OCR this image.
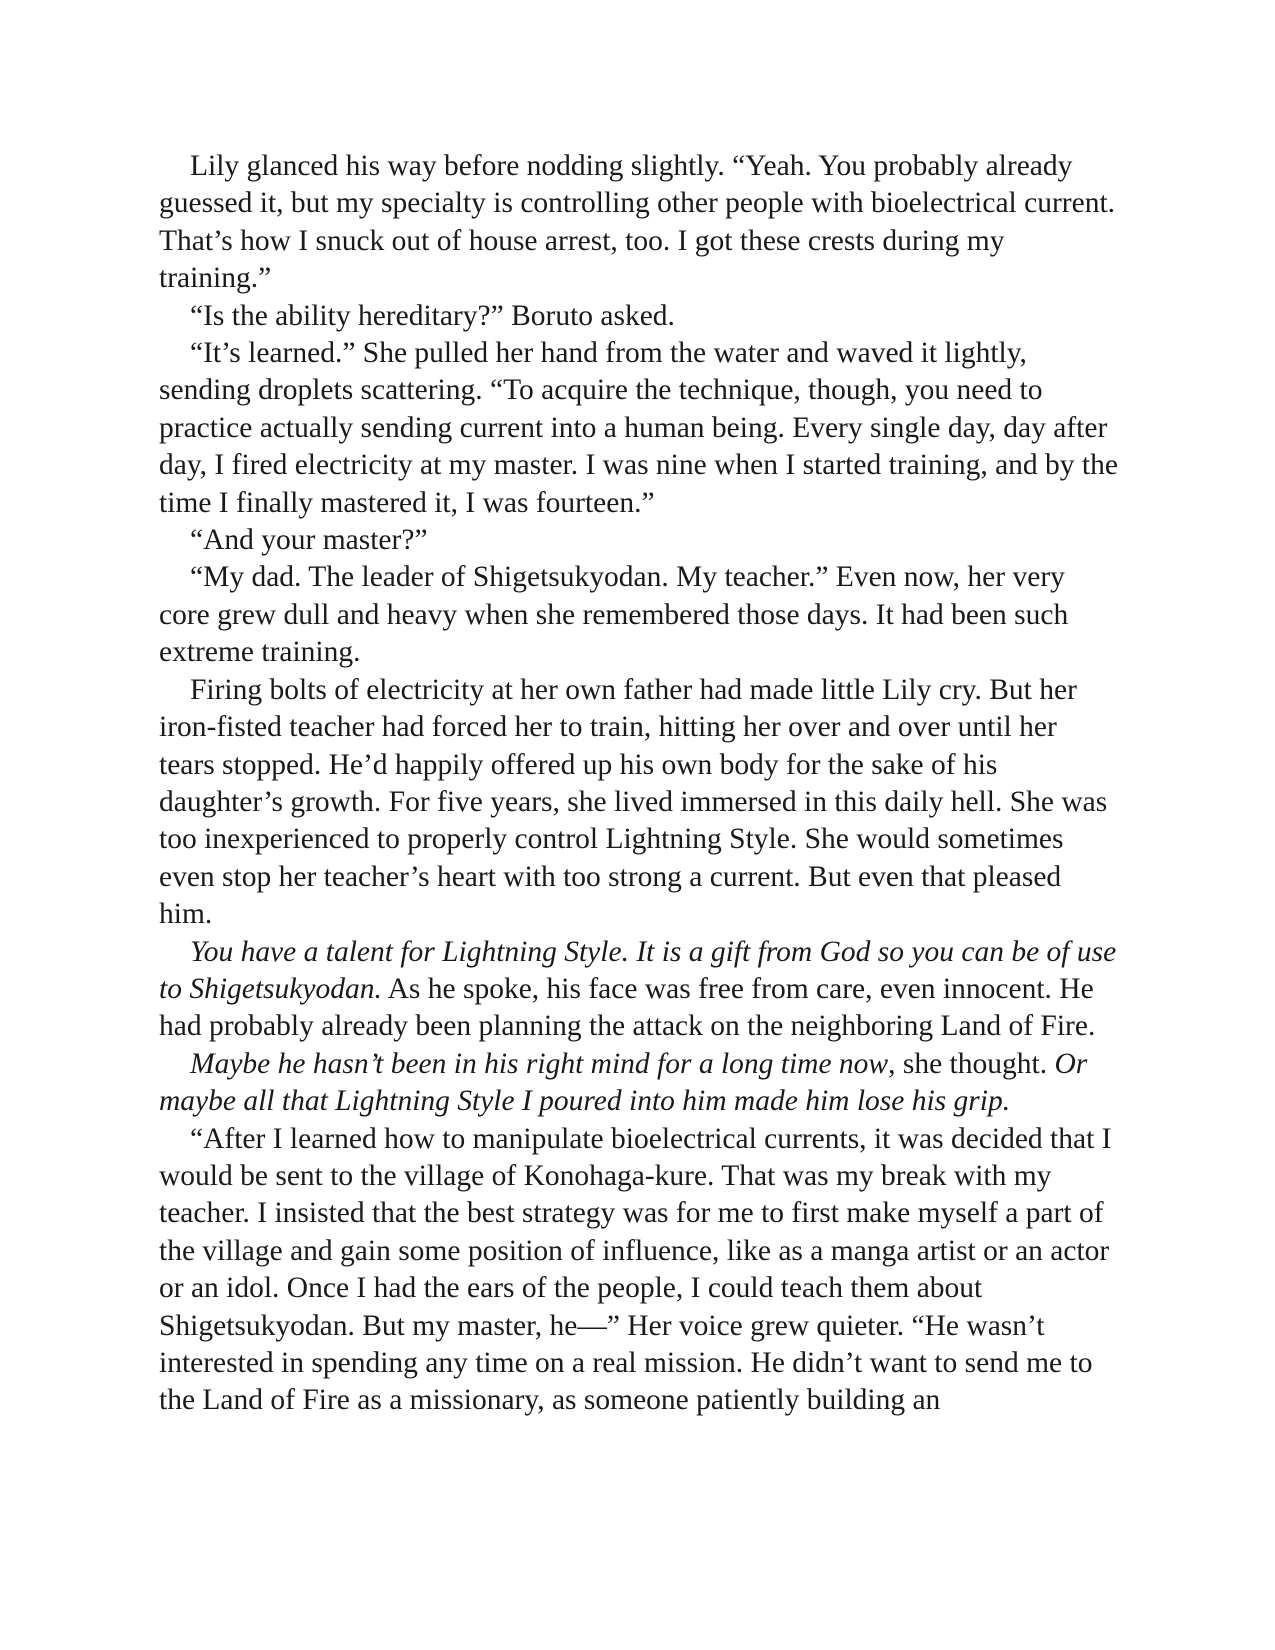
Lily glanced his way before nodding slightly. “Yeah. You probably already guessed it, but my specialty is controlling other people with bioelectrical current. That’s how I snuck out of house arrest, too. I got these crests during my training.”

“Is the ability hereditary?” Boruto asked.

“It’s learned.” She pulled her hand from the water and waved it lightly, sending droplets scattering. “To acquire the technique, though, you need to practice actually sending current into a human being. Every single day, day after day, I fired electricity at my master. I was nine when I started training, and by the time I finally mastered it, I was fourteen.”

“And your master?”

“My dad. The leader of Shigetsukyodan. My teacher.” Even now, her very core grew dull and heavy when she remembered those days. It had been such extreme training.

Firing bolts of electricity at her own father had made little Lily cry. But her iron-fisted teacher had forced her to train, hitting her over and over until her tears stopped. He’d happily offered up his own body for the sake of his daughter’s growth. For five years, she lived immersed in this daily hell. She was too inexperienced to properly control Lightning Style. She would sometimes even stop her teacher’s heart with too strong a current. But even that pleased him.

You have a talent for Lightning Style. It is a gift from God so you can be of use to Shigetsukyodan. As he spoke, his face was free from care, even innocent. He had probably already been planning the attack on the neighboring Land of Fire.

Maybe he hasn’t been in his right mind for a long time now, she thought. Or maybe all that Lightning Style I poured into him made him lose his grip.

“After I learned how to manipulate bioelectrical currents, it was decided that I would be sent to the village of Konohaga-kure. That was my break with my teacher. I insisted that the best strategy was for me to first make myself a part of the village and gain some position of influence, like as a manga artist or an actor or an idol. Once I had the ears of the people, I could teach them about Shigetsukyodan. But my master, he—” Her voice grew quieter. “He wasn’t interested in spending any time on a real mission. He didn’t want to send me to the Land of Fire as a missionary, as someone patiently building an
